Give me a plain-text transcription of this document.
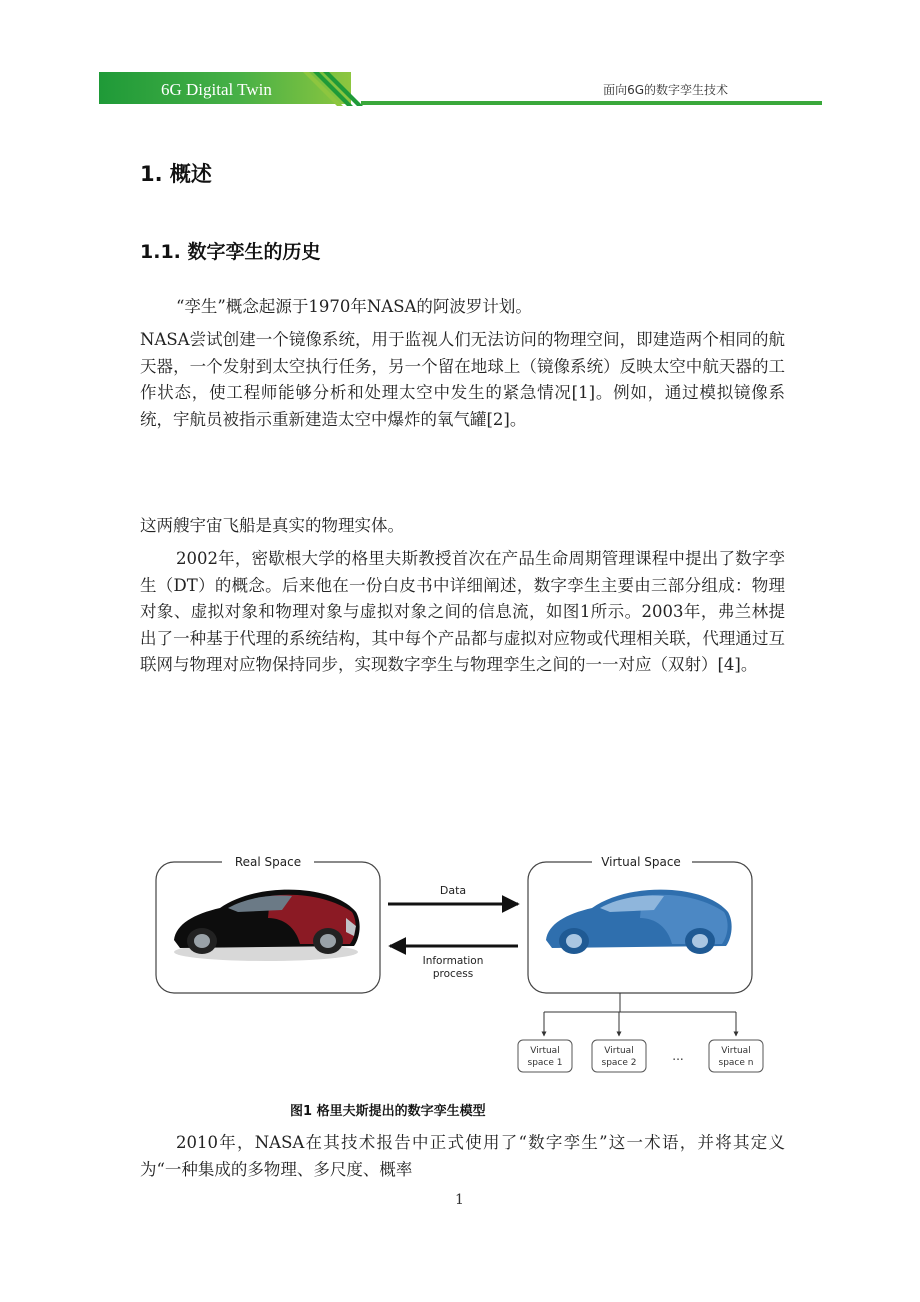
6G Digital Twin	面向6G的数字孪生技术
1. 概述
1.1. 数字孪生的历史

“孪生”概念起源于1970年NASA的阿波罗计划。

NASA尝试创建一个镜像系统，用于监视人们无法访问的物理空间，即建造两个相同的航天器，一个发射到太空执行任务，另一个留在地球上（镜像系统）反映太空中航天器的工作状态，使工程师能够分析和处理太空中发生的紧急情况[1]。例如，通过模拟镜像系统，宇航员被指示重新建造太空中爆炸的氧气罐[2]。

这两艘宇宙飞船是真实的物理实体。

2002年，密歇根大学的格里夫斯教授首次在产品生命周期管理课程中提出了数字孪生（DT）的概念。后来他在一份白皮书中详细阐述，数字孪生主要由三部分组成：物理对象、虚拟对象和物理对象与虚拟对象之间的信息流，如图1所示。2003年，弗兰林提出了一种基于代理的系统结构，其中每个产品都与虚拟对应物或代理相关联，代理通过互联网与物理对应物保持同步，实现数字孪生与物理孪生之间的一一对应（双射）[4]。

Real Space	Virtual Space
Data
Information
process
Virtual
space 1
Virtual
space 2	...	Virtual
space n
图1 格里夫斯提出的数字孪生模型

2010年，NASA在其技术报告中正式使用了“数字孪生”这一术语，并将其定义为“一种集成的多物理、多尺度、概率

1
